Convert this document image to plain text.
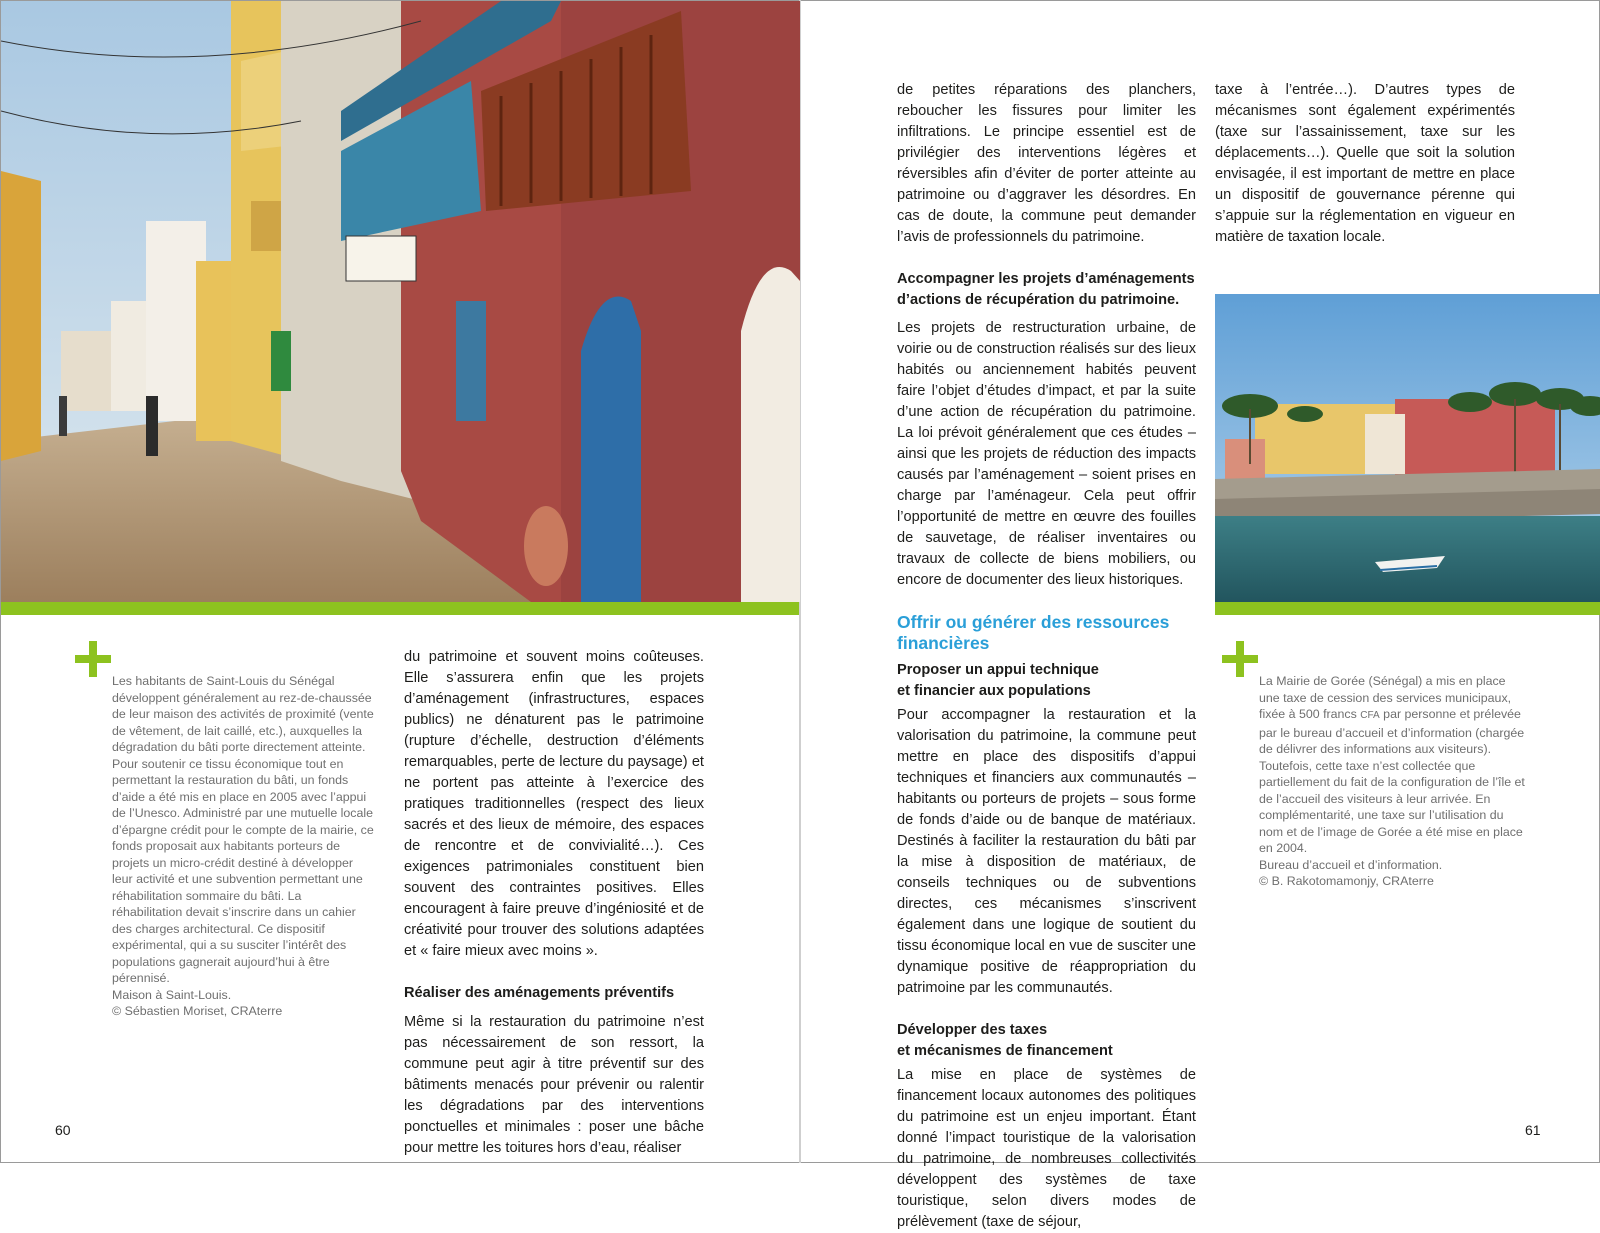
Les habitants de Saint-Louis du Sénégal développent généralement au rez-de-chaussée de leur maison des activités de proximité (vente de vêtement, de lait caillé, etc.), auxquelles la dégradation du bâti porte directement atteinte. Pour soutenir ce tissu économique tout en permettant la restauration du bâti, un fonds d’aide a été mis en place en 2005 avec l’appui de l’Unesco. Administré par une mutuelle locale d’épargne crédit pour le compte de la mairie, ce fonds proposait aux habitants porteurs de projets un micro-crédit destiné à développer leur activité et une subvention permettant une réhabilitation sommaire du bâti. La réhabilitation devait s’inscrire dans un cahier des charges architectural. Ce dispositif expérimental, qui a su susciter l’intérêt des populations gagnerait aujourd’hui à être pérennisé.

Maison à Saint-Louis.

© Sébastien Moriset, CRAterre

du patrimoine et souvent moins coûteuses. Elle s’assurera enfin que les projets d’aménagement (infrastructures, espaces publics) ne dénaturent pas le patrimoine (rupture d’échelle, destruction d’éléments remarquables, perte de lecture du paysage) et ne portent pas atteinte à l’exercice des pratiques traditionnelles (respect des lieux sacrés et des lieux de mémoire, des espaces de rencontre et de convivialité…). Ces exigences patrimoniales constituent bien souvent des contraintes positives. Elles encouragent à faire preuve d’ingéniosité et de créativité pour trouver des solutions adaptées et « faire mieux avec moins ».

Réaliser des aménagements préventifs

Même si la restauration du patrimoine n’est pas nécessairement de son ressort, la commune peut agir à titre préventif sur des bâtiments menacés pour prévenir ou ralentir les dégradations par des interventions ponctuelles et minimales : poser une bâche pour mettre les toitures hors d’eau, réaliser

60

de petites réparations des planchers, reboucher les fissures pour limiter les infiltrations. Le principe essentiel est de privilégier des interventions légères et réversibles afin d’éviter de porter atteinte au patrimoine ou d’aggraver les désordres. En cas de doute, la commune peut demander l’avis de professionnels du patrimoine.

Accompagner les projets d’aménagements d’actions de récupération du patrimoine.

Les projets de restructuration urbaine, de voirie ou de construction réalisés sur des lieux habités ou anciennement habités peuvent faire l’objet d’études d’impact, et par la suite d’une action de récupération du patrimoine. La loi prévoit généralement que ces études – ainsi que les projets de réduction des impacts causés par l’aménagement – soient prises en charge par l’aménageur. Cela peut offrir l’opportunité de mettre en œuvre des fouilles de sauvetage, de réaliser inventaires ou travaux de collecte de biens mobiliers, ou encore de documenter des lieux historiques.

Offrir ou générer des ressources financières
Proposer un appui technique
et financier aux populations

Pour accompagner la restauration et la valorisation du patrimoine, la commune peut mettre en place des dispositifs d’appui techniques et financiers aux communautés – habitants ou porteurs de projets – sous forme de fonds d’aide ou de banque de matériaux. Destinés à faciliter la restauration du bâti par la mise à disposition de matériaux, de conseils techniques ou de subventions directes, ces mécanismes s’inscrivent également dans une logique de soutient du tissu économique local en vue de susciter une dynamique positive de réappropriation du patrimoine par les communautés.

Développer des taxes
et mécanismes de financement

La mise en place de systèmes de financement locaux autonomes des politiques du patrimoine est un enjeu important. Étant donné l’impact touristique de la valorisation du patrimoine, de nombreuses collectivités développent des systèmes de taxe touristique, selon divers modes de prélèvement (taxe de séjour,

taxe à l’entrée…). D’autres types de mécanismes sont également expérimentés (taxe sur l’assainissement, taxe sur les déplacements…). Quelle que soit la solution envisagée, il est important de mettre en place un dispositif de gouvernance pérenne qui s’appuie sur la réglementation en vigueur en matière de taxation locale.

La Mairie de Gorée (Sénégal) a mis en place une taxe de cession des services municipaux, fixée à 500 francs CFA par personne et prélevée par le bureau d’accueil et d’information (chargée de délivrer des informations aux visiteurs). Toutefois, cette taxe n’est collectée que partiellement du fait de la configuration de l’île et de l’accueil des visiteurs à leur arrivée. En complémentarité, une taxe sur l’utilisation du nom et de l’image de Gorée a été mise en place en 2004.

Bureau d’accueil et d’information.

© B. Rakotomamonjy, CRAterre

61
